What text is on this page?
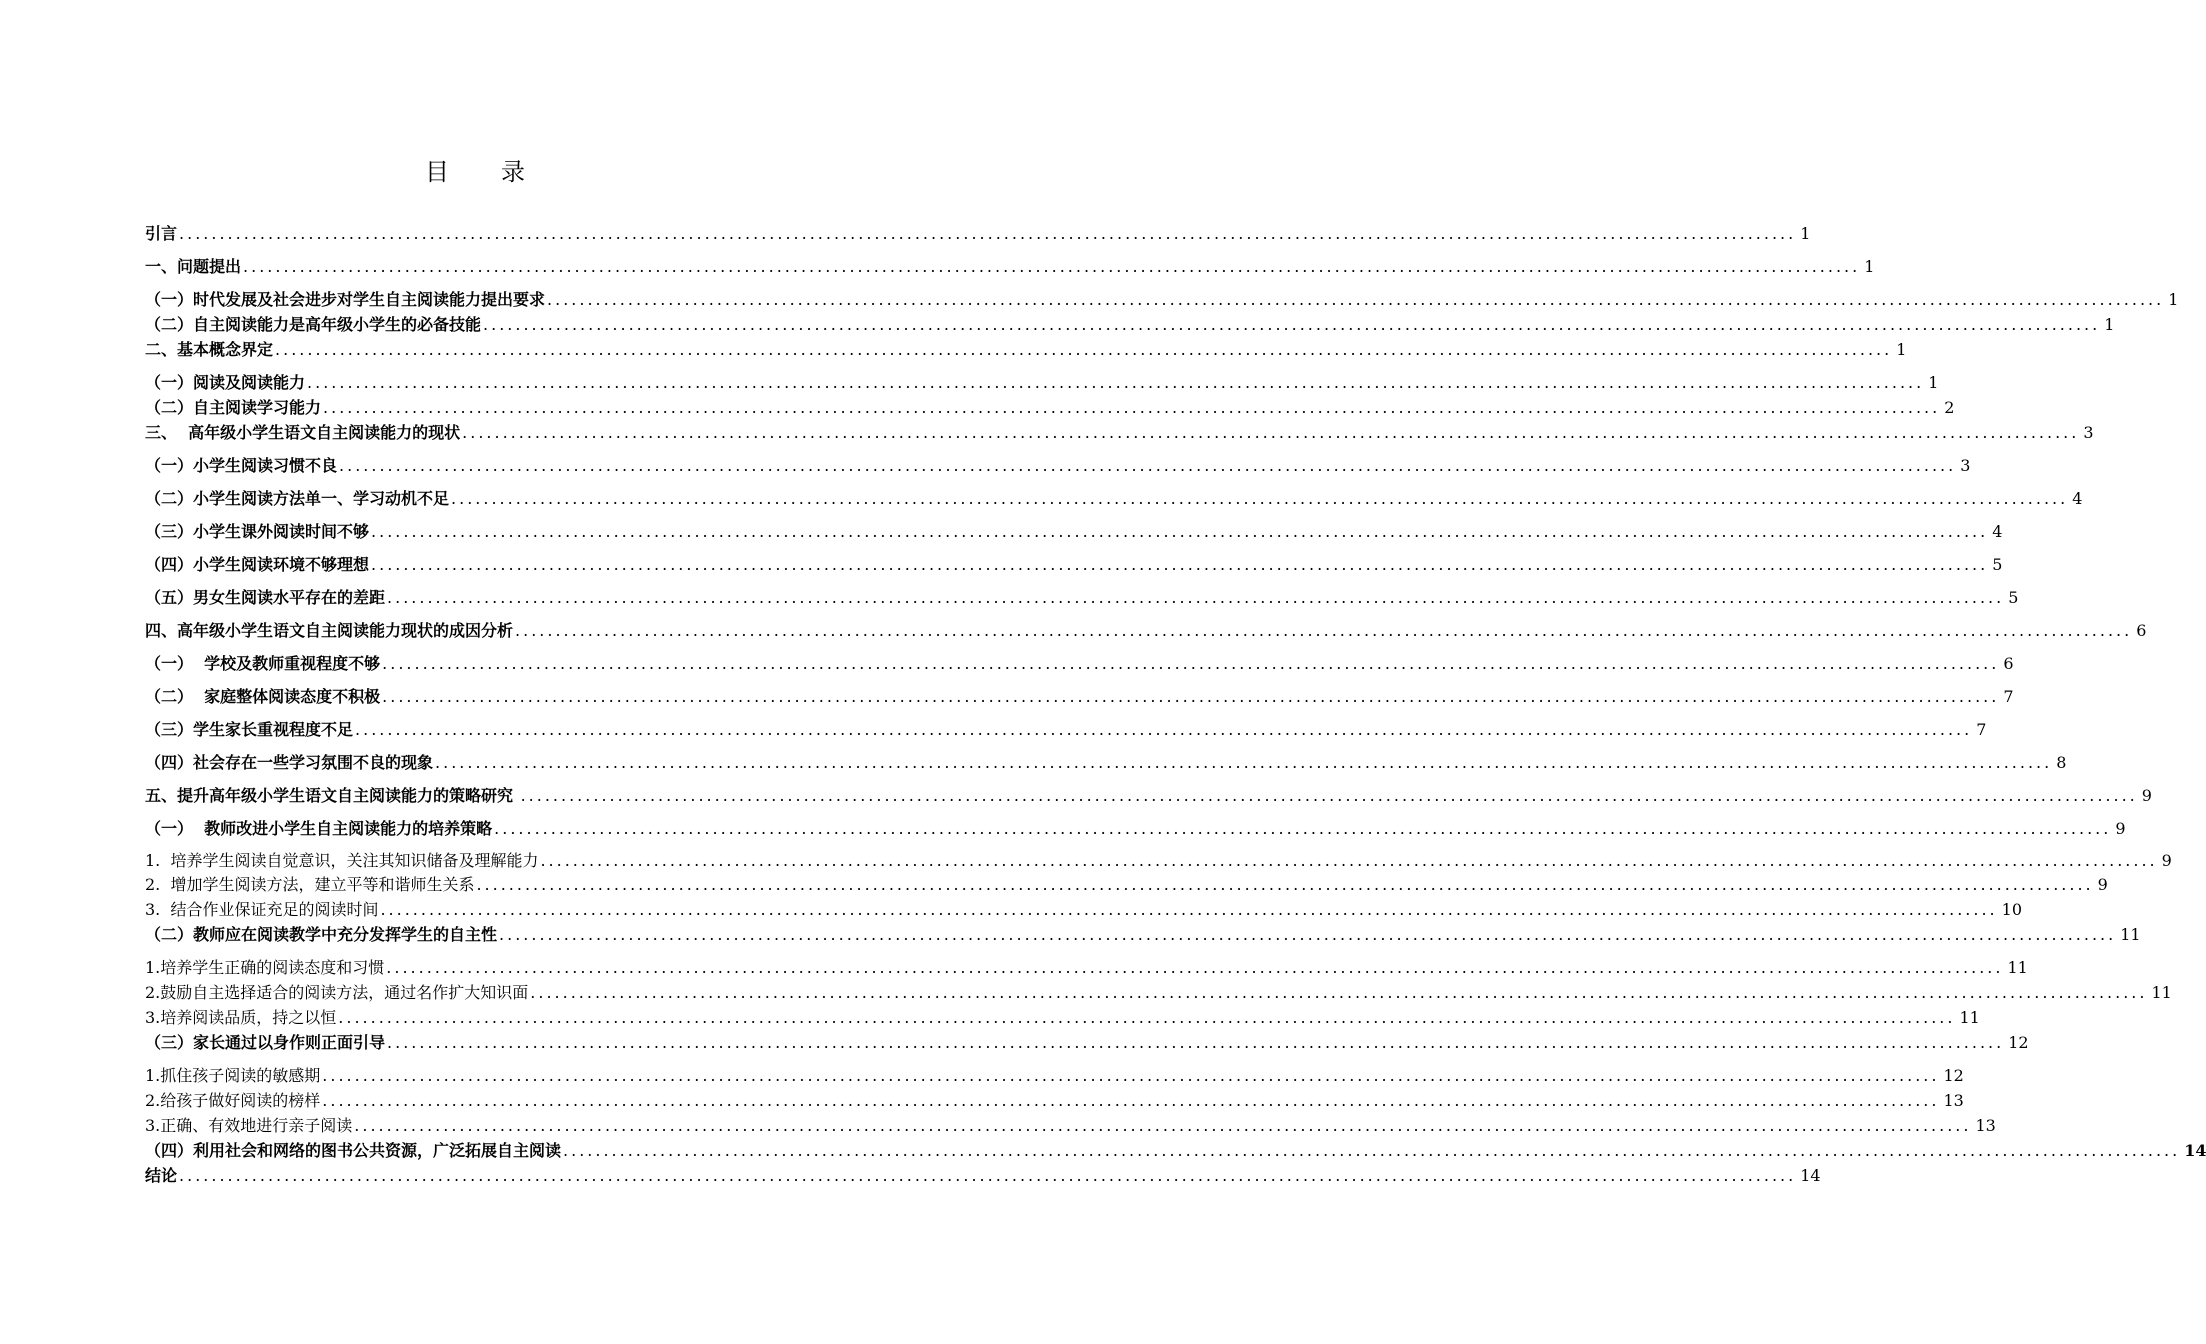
目 录
引言 ........................................................................................................................................................................................................ 1
一、问题提出 ........................................................................................................................................................................................................ 1
（一）时代发展及社会进步对学生自主阅读能力提出要求 ........................................................................................................................................................................................................ 1
（二）自主阅读能力是高年级小学生的必备技能 ........................................................................................................................................................................................................ 1
二、基本概念界定 ........................................................................................................................................................................................................ 1
（一）阅读及阅读能力 ........................................................................................................................................................................................................ 1
（二）自主阅读学习能力 ........................................................................................................................................................................................................ 2
三、  高年级小学生语文自主阅读能力的现状 ........................................................................................................................................................................................................ 3
（一）小学生阅读习惯不良 ........................................................................................................................................................................................................ 3
（二）小学生阅读方法单一、学习动机不足 ........................................................................................................................................................................................................ 4
（三）小学生课外阅读时间不够 ........................................................................................................................................................................................................ 4
（四）小学生阅读环境不够理想 ........................................................................................................................................................................................................ 5
（五）男女生阅读水平存在的差距 ........................................................................................................................................................................................................ 5
四、高年级小学生语文自主阅读能力现状的成因分析 ........................................................................................................................................................................................................ 6
（一）  学校及教师重视程度不够 ........................................................................................................................................................................................................ 6
（二）  家庭整体阅读态度不积极 ........................................................................................................................................................................................................ 7
（三）学生家长重视程度不足 ........................................................................................................................................................................................................ 7
（四）社会存在一些学习氛围不良的现象 ........................................................................................................................................................................................................ 8
五、提升高年级小学生语文自主阅读能力的策略研究 ........................................................................................................................................................................................................ 9
（一）  教师改进小学生自主阅读能力的培养策略 ........................................................................................................................................................................................................ 9
1.  培养学生阅读自觉意识，关注其知识储备及理解能力 ........................................................................................................................................................................................................ 9
2.  增加学生阅读方法，建立平等和谐师生关系 ........................................................................................................................................................................................................ 9
3.  结合作业保证充足的阅读时间 ........................................................................................................................................................................................................ 10
（二）教师应在阅读教学中充分发挥学生的自主性 ........................................................................................................................................................................................................ 11
1.培养学生正确的阅读态度和习惯 ........................................................................................................................................................................................................ 11
2.鼓励自主选择适合的阅读方法，通过名作扩大知识面 ........................................................................................................................................................................................................ 11
3.培养阅读品质，持之以恒 ........................................................................................................................................................................................................ 11
（三）家长通过以身作则正面引导 ........................................................................................................................................................................................................ 12
1.抓住孩子阅读的敏感期 ........................................................................................................................................................................................................ 12
2.给孩子做好阅读的榜样 ........................................................................................................................................................................................................ 13
3.正确、有效地进行亲子阅读 ........................................................................................................................................................................................................ 13
（四）利用社会和网络的图书公共资源，广泛拓展自主阅读 ........................................................................................................................................................................................................ 14
结论 ........................................................................................................................................................................................................ 14
